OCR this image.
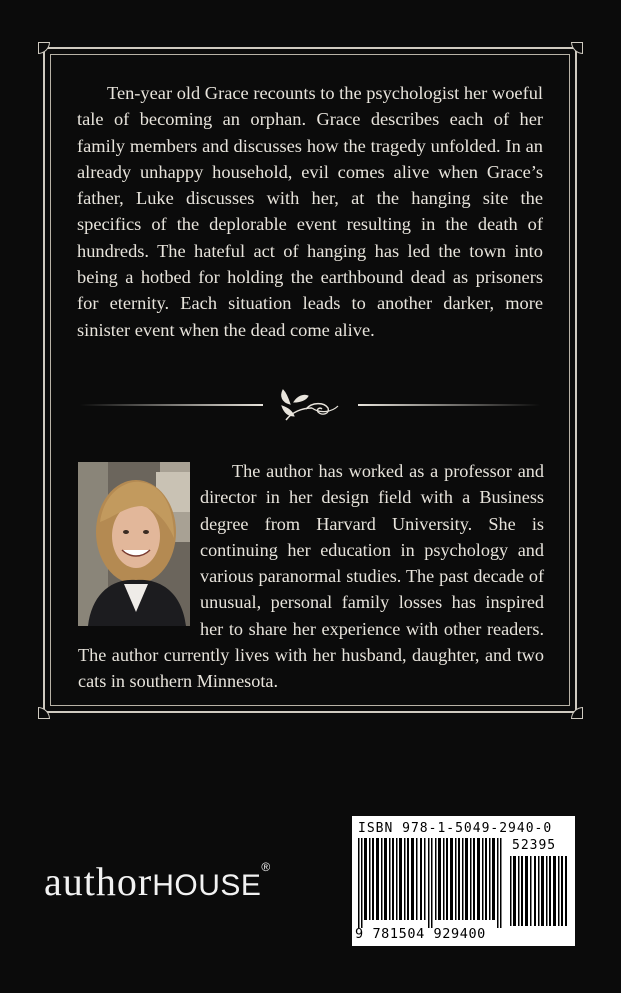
Ten-year old Grace recounts to the psychologist her woeful tale of becoming an orphan. Grace describes each of her family members and discusses how the tragedy unfolded. In an already unhappy household, evil comes alive when Grace’s father, Luke discusses with her, at the hanging site the specifics of the deplorable event resulting in the death of hundreds. The hateful act of hanging has led the town into being a hotbed for holding the earthbound dead as prisoners for eternity. Each situation leads to another darker, more sinister event when the dead come alive.

The author has worked as a professor and director in her design field with a Business degree from Harvard University. She is continuing her education in psychology and various paranormal studies. The past decade of unusual, personal family losses has inspired her to share her experience with other readers. The author currently lives with her husband, daughter, and two cats in southern Minnesota.

authorHOUSE®
ISBN 978-1-5049-2940-0
52395
9 781504 929400
